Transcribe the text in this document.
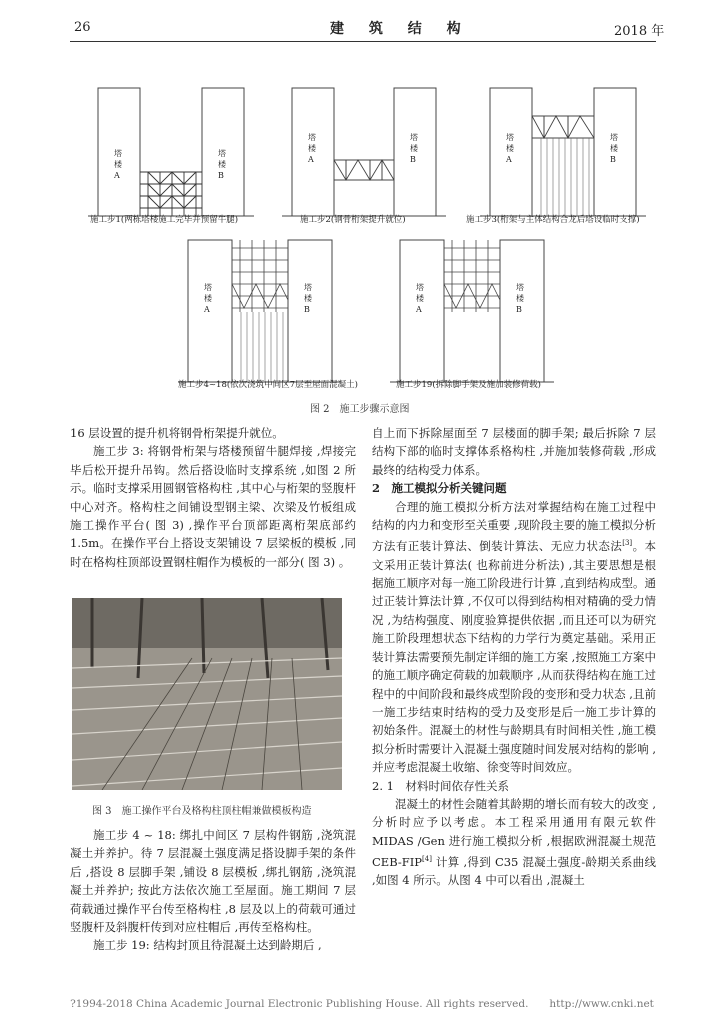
26	建 筑 结 构	2018 年
塔楼 A
塔楼 B
塔楼 A
塔楼 B
塔楼 A
塔楼 B
塔楼 A
塔楼 B
塔楼 A
塔楼 B
施工步1(两栋塔楼施工完毕并预留牛腿)	施工步2(钢骨桁架提升就位)	施工步3(桁架与主体结构合龙后塔设临时支撑)
施工步4~18(依次浇筑中间区7层至屋面混凝土)	施工步19(拆除脚手架及施加装修荷载)
图 2　施工步骤示意图

16 层设置的提升机将钢骨桁架提升就位。

施工步 3: 将钢骨桁架与塔楼预留牛腿焊接 ,焊接完毕后松开提升吊钩。然后搭设临时支撑系统 ,如图 2 所示。临时支撑采用圆钢管格构柱 ,其中心与桁架的竖腹杆中心对齐。格构柱之间铺设型钢主梁、次梁及竹板组成施工操作平台( 图 3) ,操作平台顶部距离桁架底部约 1.5m。在操作平台上搭设支架铺设 7 层梁板的模板 ,同时在格构柱顶部设置钢柱帽作为模板的一部分( 图 3) 。

图 3　施工操作平台及格构柱顶柱帽兼做模板构造

施工步 4 ~ 18: 绑扎中间区 7 层构件钢筋 ,浇筑混凝土并养护。待 7 层混凝土强度满足搭设脚手架的条件后 ,搭设 8 层脚手架 ,铺设 8 层模板 ,绑扎钢筋 ,浇筑混凝土并养护; 按此方法依次施工至屋面。施工期间 7 层荷载通过操作平台传至格构柱 ,8 层及以上的荷载可通过竖腹杆及斜腹杆传到对应柱帽后 ,再传至格构柱。

施工步 19: 结构封顶且待混凝土达到龄期后 ,

自上而下拆除屋面至 7 层楼面的脚手架; 最后拆除 7 层结构下部的临时支撑体系格构柱 ,并施加装修荷载 ,形成最终的结构受力体系。

2　施工模拟分析关键问题

合理的施工模拟分析方法对掌握结构在施工过程中结构的内力和变形至关重要 ,现阶段主要的施工模拟分析方法有正装计算法、倒装计算法、无应力状态法[3]。本文采用正装计算法( 也称前进分析法) ,其主要思想是根据施工顺序对每一施工阶段进行计算 ,直到结构成型。通过正装计算法计算 ,不仅可以得到结构相对精确的受力情况 ,为结构强度、刚度验算提供依据 ,而且还可以为研究施工阶段理想状态下结构的力学行为奠定基础。采用正装计算法需要预先制定详细的施工方案 ,按照施工方案中的施工顺序确定荷载的加载顺序 ,从而获得结构在施工过程中的中间阶段和最终成型阶段的变形和受力状态 ,且前一施工步结束时结构的受力及变形是后一施工步计算的初始条件。混凝土的材性与龄期具有时间相关性 ,施工模拟分析时需要计入混凝土强度随时间发展对结构的影响 ,并应考虑混凝土收缩、徐变等时间效应。

2. 1　材料时间依存性关系

混凝土的材性会随着其龄期的增长而有较大的改变 ,分析时应予以考虑。本工程采用通用有限元软件 MIDAS /Gen 进行施工模拟分析 ,根据欧洲混凝土规范 CEB-FIP[4] 计算 ,得到 C35 混凝土强度-龄期关系曲线 ,如图 4 所示。从图 4 中可以看出 ,混凝土

?1994-2018 China Academic Journal Electronic Publishing House. All rights reserved.　　http://www.cnki.net
